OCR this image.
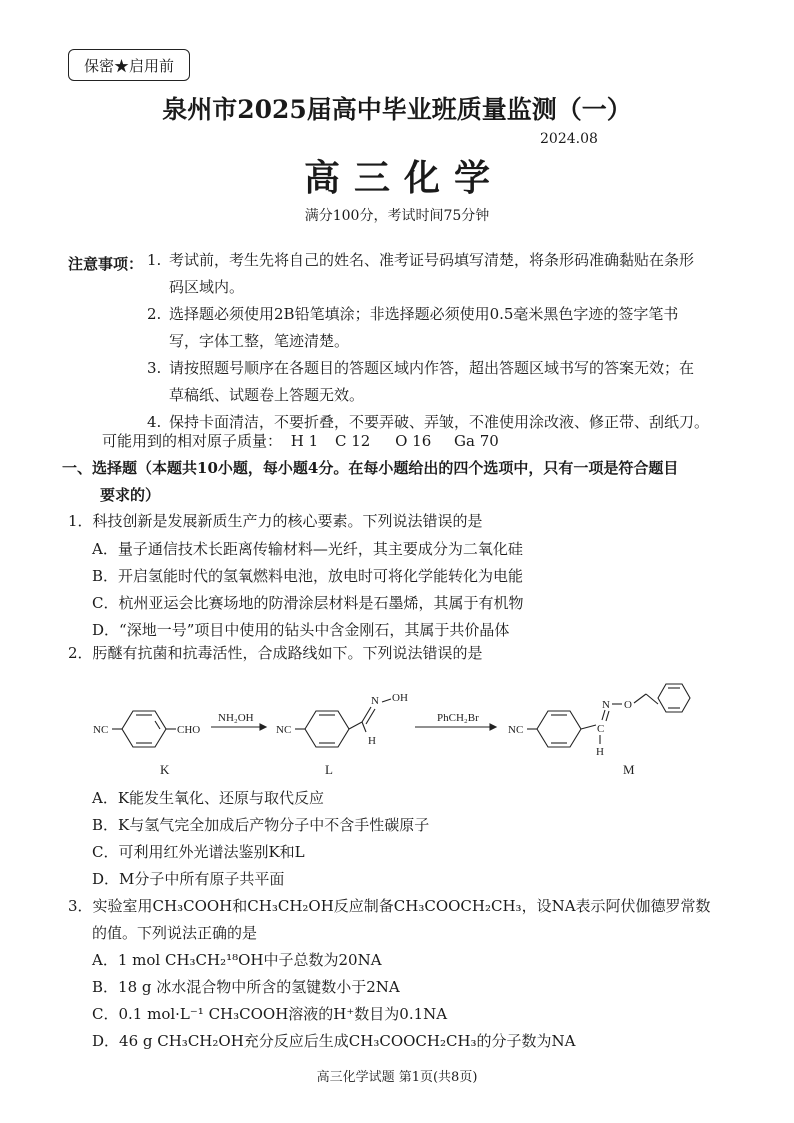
保密★启用前
泉州市2025届高中毕业班质量监测（一）
2024.08
高三化学
满分100分，考试时间75分钟
注意事项： 1. 考试前，考生先将自己的姓名、准考证号码填写清楚，将条形码准确黏贴在条形
码区域内。
2. 选择题必须使用2B铅笔填涂；非选择题必须使用0.5毫米黑色字迹的签字笔书
写，字体工整，笔迹清楚。
3. 请按照题号顺序在各题目的答题区域内作答，超出答题区域书写的答案无效；在
草稿纸、试题卷上答题无效。
4. 保持卡面清洁，不要折叠，不要弄破、弄皱，不准使用涂改液、修正带、刮纸刀。
可能用到的相对原子质量： H 1 C 12 O 16 Ga 70
一、选择题（本题共10小题，每小题4分。在每小题给出的四个选项中，只有一项是符合题目
要求的）
1．科技创新是发展新质生产力的核心要素。下列说法错误的是
A．量子通信技术长距离传输材料—光纤，其主要成分为二氧化硅
B．开启氢能时代的氢氧燃料电池，放电时可将化学能转化为电能
C．杭州亚运会比赛场地的防滑涂层材料是石墨烯，其属于有机物
D．“深地一号”项目中使用的钻头中含金刚石，其属于共价晶体
2．肟醚有抗菌和抗毒活性，合成路线如下。下列说法错误的是
NC	CHO
K
NH₂OH
NC
N OH
H
L
PhCH₂Br
NC	C
N O
H
M
A．K能发生氧化、还原与取代反应
B．K与氢气完全加成后产物分子中不含手性碳原子
C．可利用红外光谱法鉴别K和L
D．M分子中所有原子共平面
3．实验室用CH₃COOH和CH₃CH₂OH反应制备CH₃COOCH₂CH₃，设NA表示阿伏伽德罗常数
的值。下列说法正确的是
A．1 mol CH₃CH₂¹⁸OH中子总数为20NA
B．18 g 冰水混合物中所含的氢键数小于2NA
C．0.1 mol·L⁻¹ CH₃COOH溶液的H⁺数目为0.1NA
D．46 g CH₃CH₂OH充分反应后生成CH₃COOCH₂CH₃的分子数为NA
高三化学试题 第1页(共8页)
